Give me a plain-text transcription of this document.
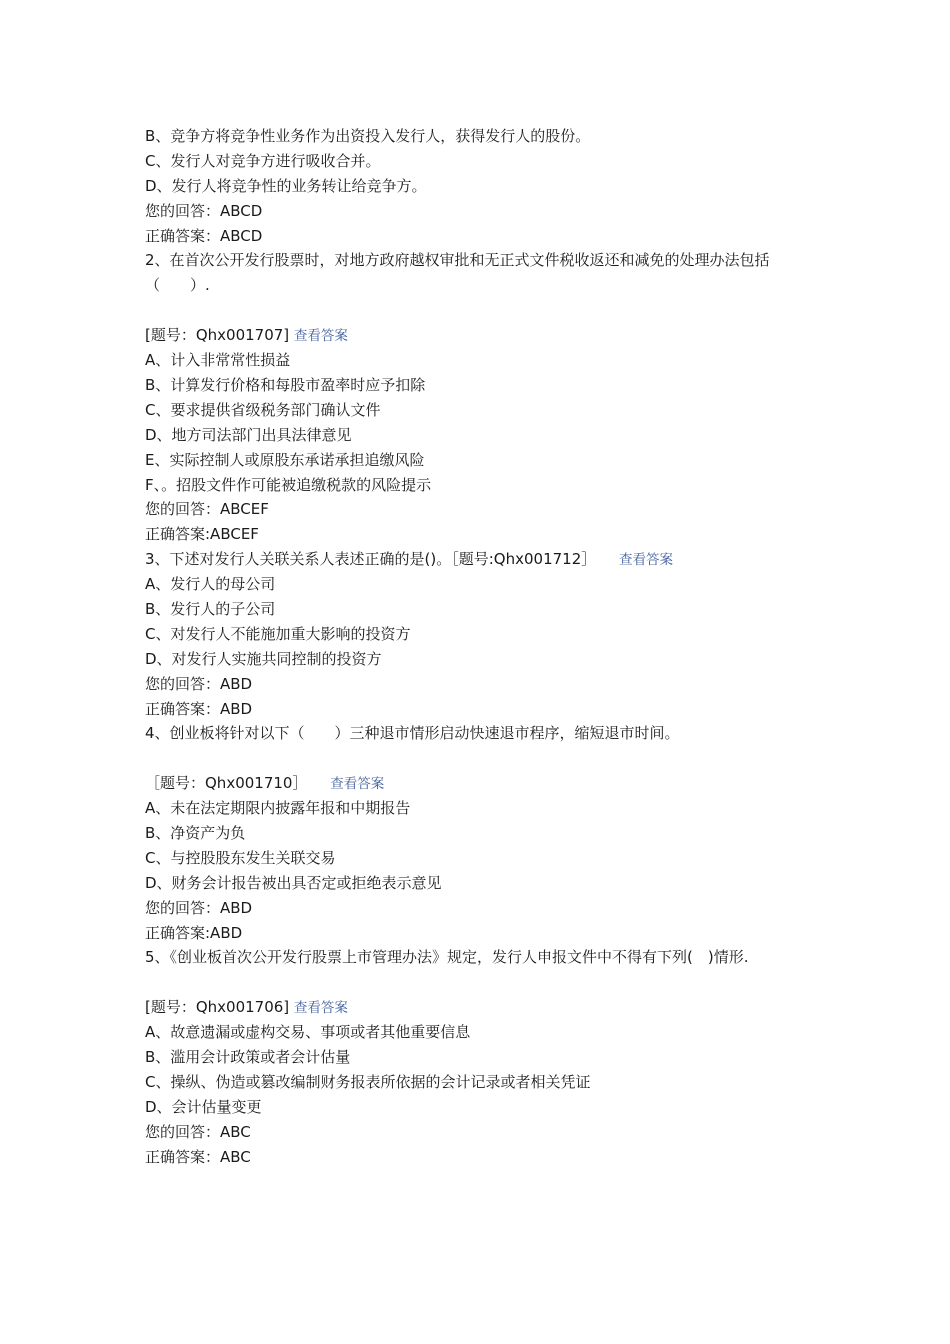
B、竞争方将竞争性业务作为出资投入发行人，获得发行人的股份。
C、发行人对竞争方进行吸收合并。
D、发行人将竞争性的业务转让给竞争方。
您的回答：ABCD
正确答案：ABCD
2、在首次公开发行股票时，对地方政府越权审批和无正式文件税收返还和减免的处理办法包括（　　）.
[题号：Qhx001707] 查看答案
A、计入非常常性损益
B、计算发行价格和每股市盈率时应予扣除
C、要求提供省级税务部门确认文件
D、地方司法部门出具法律意见
E、实际控制人或原股东承诺承担追缴风险
F、。招股文件作可能被追缴税款的风险提示
您的回答：ABCEF
正确答案:ABCEF
3、下述对发行人关联关系人表述正确的是()。［题号:Qhx001712］ 查看答案
A、发行人的母公司
B、发行人的子公司
C、对发行人不能施加重大影响的投资方
D、对发行人实施共同控制的投资方
您的回答：ABD
正确答案：ABD
4、创业板将针对以下（　　）三种退市情形启动快速退市程序，缩短退市时间。
［题号：Qhx001710］ 查看答案
A、未在法定期限内披露年报和中期报告
B、净资产为负
C、与控股股东发生关联交易
D、财务会计报告被出具否定或拒绝表示意见
您的回答：ABD
正确答案:ABD
5、《创业板首次公开发行股票上市管理办法》规定，发行人申报文件中不得有下列(　)情形.
[题号：Qhx001706] 查看答案
A、故意遗漏或虚构交易、事项或者其他重要信息
B、滥用会计政策或者会计估量
C、操纵、伪造或篡改编制财务报表所依据的会计记录或者相关凭证
D、会计估量变更
您的回答：ABC
正确答案：ABC
